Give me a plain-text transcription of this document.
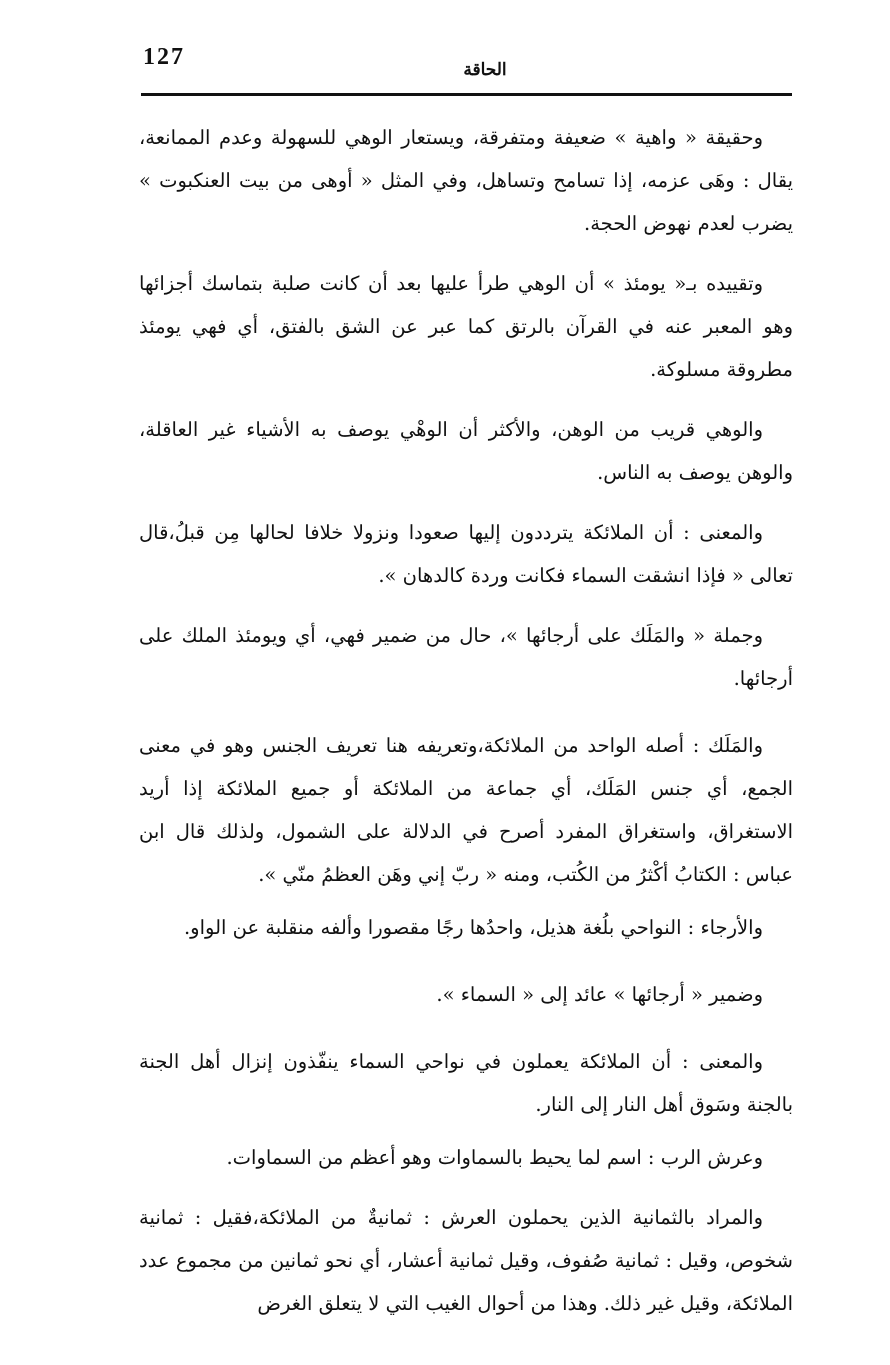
127	الحاقة

وحقيقة « واهية » ضعيفة ومتفرقة، ويستعار الوهي للسهولة وعدم الممانعة، يقال : وهَى عزمه، إذا تسامح وتساهل، وفي المثل « أوهى من بيت العنكبوت » يضرب لعدم نهوض الحجة.

وتقييده بـ« يومئذ » أن الوهي طرأ عليها بعد أن كانت صلبة بتماسك أجزائها وهو المعبر عنه في القرآن بالرتق كما عبر عن الشق بالفتق، أي فهي يومئذ مطروقة مسلوكة.

والوهي قريب من الوهن، والأكثر أن الوهْي يوصف به الأشياء غير العاقلة، والوهن يوصف به الناس.

والمعنى : أن الملائكة يترددون إليها صعودا ونزولا خلافا لحالها مِن قبلُ،قال تعالى « فإذا انشقت السماء فكانت وردة كالدهان ».

وجملة « والمَلَك على أرجائها »، حال من ضمير فهي، أي ويومئذ الملك على أرجائها.

والمَلَك : أصله الواحد من الملائكة،وتعريفه هنا تعريف الجنس وهو في معنى الجمع، أي جنس المَلَك، أي جماعة من الملائكة أو جميع الملائكة إذا أريد الاستغراق، واستغراق المفرد أصرح في الدلالة على الشمول، ولذلك قال ابن عباس : الكتابُ أكْثرُ من الكُتب، ومنه « ربّ إني وهَن العظمُ منّي ».

والأرجاء : النواحي بلُغة هذيل، واحدُها رجًا مقصورا وألفه منقلبة عن الواو.

وضمير « أرجائها » عائد إلى « السماء ».

والمعنى : أن الملائكة يعملون في نواحي السماء ينفّذون إنزال أهل الجنة بالجنة وسَوق أهل النار إلى النار.

وعرش الرب : اسم لما يحيط بالسماوات وهو أعظم من السماوات.

والمراد بالثمانية الذين يحملون العرش : ثمانيةٌ من الملائكة،فقيل : ثمانية شخوص، وقيل : ثمانية صُفوف، وقيل ثمانية أعشار، أي نحو ثمانين من مجموع عدد الملائكة، وقيل غير ذلك. وهذا من أحوال الغيب التي لا يتعلق الغرض
